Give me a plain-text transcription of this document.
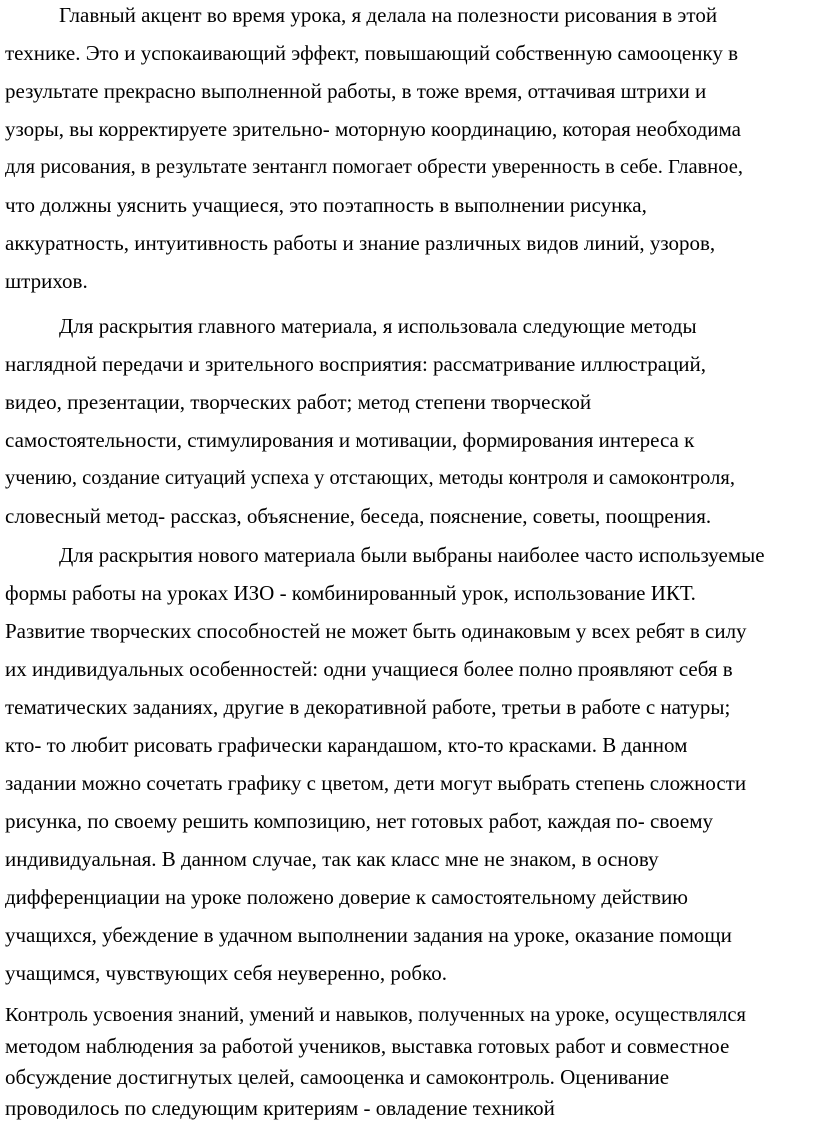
Главный акцент во время урока, я делала на полезности рисования в этой
технике. Это и успокаивающий эффект, повышающий собственную самооценку в
результате прекрасно выполненной работы, в тоже время, оттачивая штрихи и
узоры, вы корректируете зрительно- моторную координацию, которая необходима
для рисования, в результате зентангл помогает обрести уверенность в себе. Главное,
что должны уяснить учащиеся, это поэтапность в выполнении рисунка,
аккуратность, интуитивность работы и знание различных видов линий, узоров,
штрихов.
Для раскрытия главного материала, я использовала следующие методы
наглядной передачи и зрительного восприятия: рассматривание иллюстраций,
видео, презентации, творческих работ; метод степени творческой
самостоятельности, стимулирования и мотивации, формирования интереса к
учению, создание ситуаций успеха у отстающих, методы контроля и самоконтроля,
словесный метод- рассказ, объяснение, беседа, пояснение, советы, поощрения.
Для раскрытия нового материала были выбраны наиболее часто используемые
формы работы на уроках ИЗО - комбинированный урок, использование ИКТ.
Развитие творческих способностей не может быть одинаковым у всех ребят в силу
их индивидуальных особенностей: одни учащиеся более полно проявляют себя в
тематических заданиях, другие в декоративной работе, третьи в работе с натуры;
кто- то любит рисовать графически карандашом, кто-то красками. В данном
задании можно сочетать графику с цветом, дети могут выбрать степень сложности
рисунка, по своему решить композицию, нет готовых работ, каждая по- своему
индивидуальная. В данном случае, так как класс мне не знаком, в основу
дифференциации на уроке положено доверие к самостоятельному действию
учащихся, убеждение в удачном выполнении задания на уроке, оказание помощи
учащимся, чувствующих себя неуверенно, робко.
Контроль усвоения знаний, умений и навыков, полученных на уроке, осуществлялся
методом наблюдения за работой учеников, выставка готовых работ и совместное
обсуждение достигнутых целей, самооценка и самоконтроль. Оценивание
проводилось по следующим критериям - овладение техникой
